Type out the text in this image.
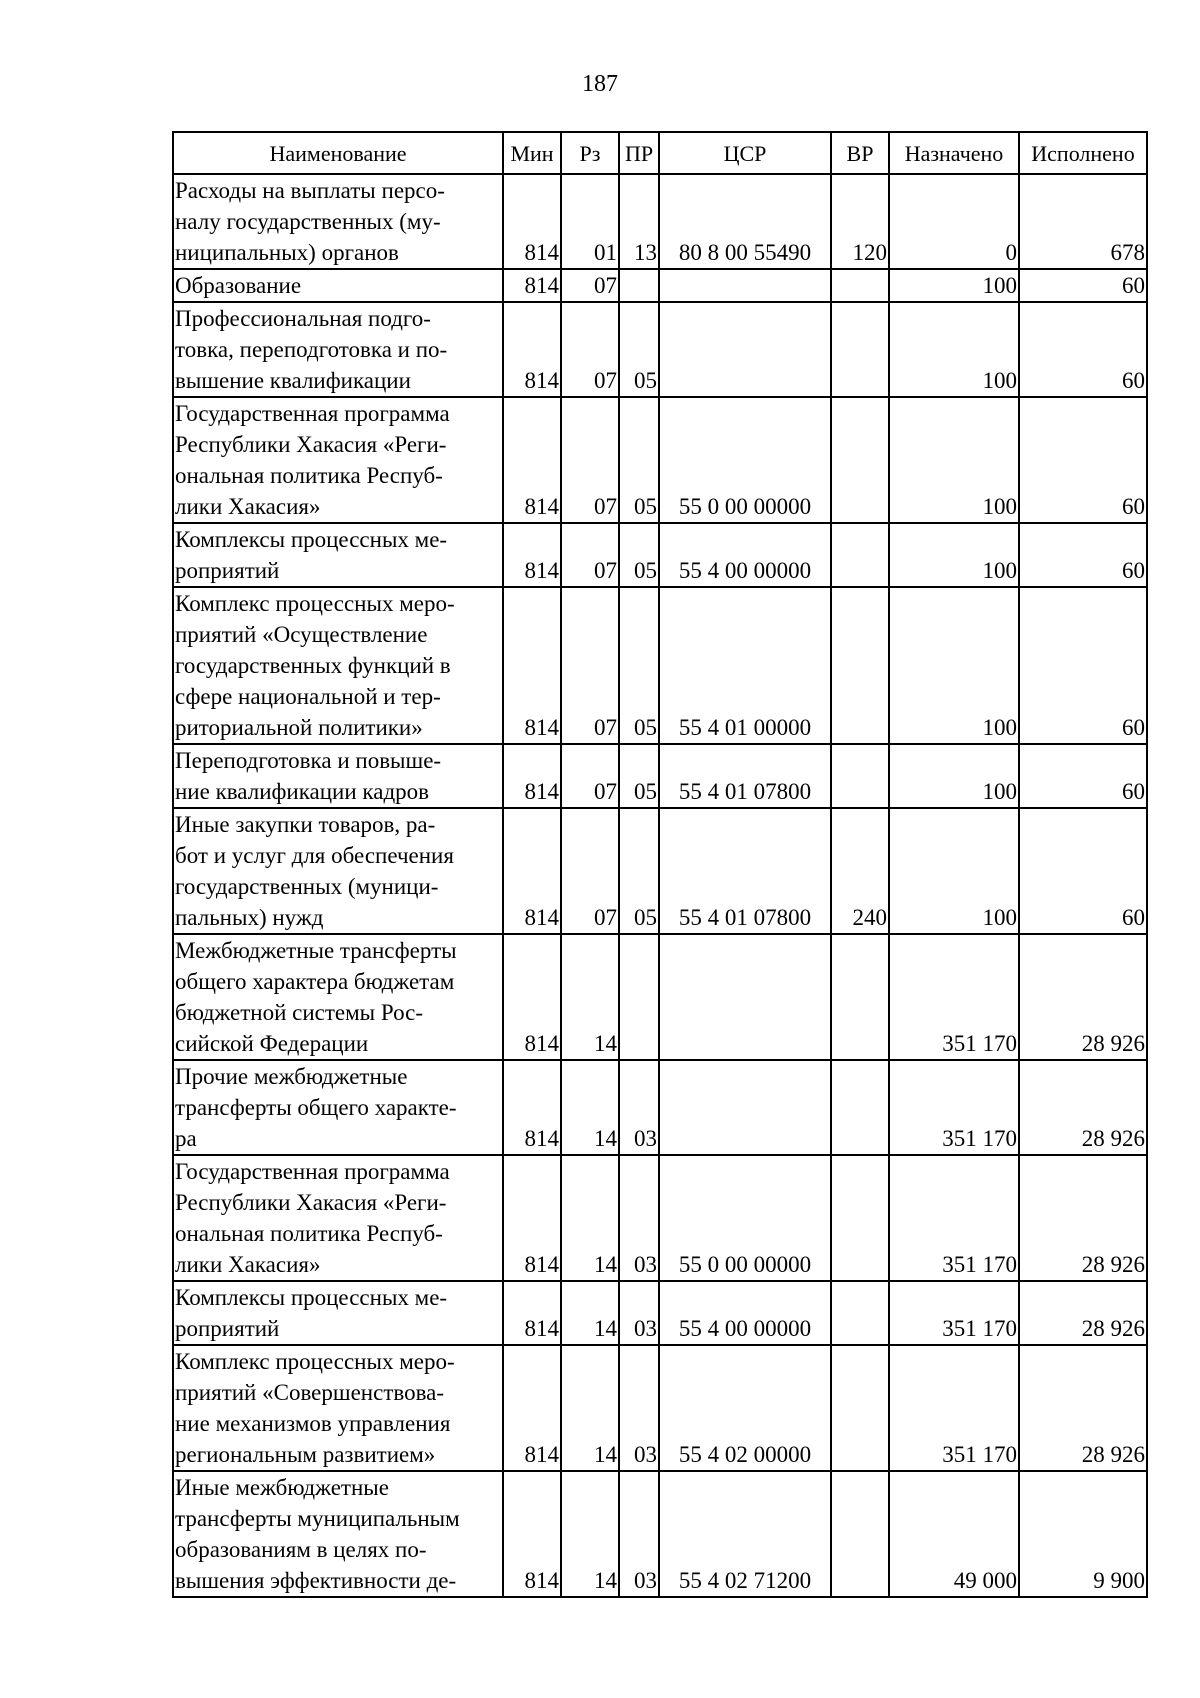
187
Наименование	Мин	Рз	ПР	ЦСР	ВР	Назначено	Исполнено

Расходы на выплаты персо-
налу государственных (му-
ниципальных) органов	814	01	13	80 8 00 55490	120	0	678

Образование	814	07				100	60

Профессиональная подго-
товка, переподготовка и по-
вышение квалификации	814	07	05			100	60

Государственная программа
Республики Хакасия «Реги-
ональная политика Респуб-
лики Хакасия»	814	07	05	55 0 00 00000		100	60

Комплексы процессных ме-
роприятий	814	07	05	55 4 00 00000		100	60

Комплекс процессных меро-
приятий «Осуществление
государственных функций в
сфере национальной и тер-
риториальной политики»	814	07	05	55 4 01 00000		100	60

Переподготовка и повыше-
ние квалификации кадров	814	07	05	55 4 01 07800		100	60

Иные закупки товаров, ра-
бот и услуг для обеспечения
государственных (муници-
пальных) нужд	814	07	05	55 4 01 07800	240	100	60

Межбюджетные трансферты
общего характера бюджетам
бюджетной системы Рос-
сийской Федерации	814	14				351 170	28 926

Прочие межбюджетные
трансферты общего характе-
ра	814	14	03			351 170	28 926

Государственная программа
Республики Хакасия «Реги-
ональная политика Респуб-
лики Хакасия»	814	14	03	55 0 00 00000		351 170	28 926

Комплексы процессных ме-
роприятий	814	14	03	55 4 00 00000		351 170	28 926

Комплекс процессных меро-
приятий «Совершенствова-
ние механизмов управления
региональным развитием»	814	14	03	55 4 02 00000		351 170	28 926

Иные межбюджетные
трансферты муниципальным
образованиям в целях по-
вышения эффективности де-	814	14	03	55 4 02 71200		49 000	9 900
